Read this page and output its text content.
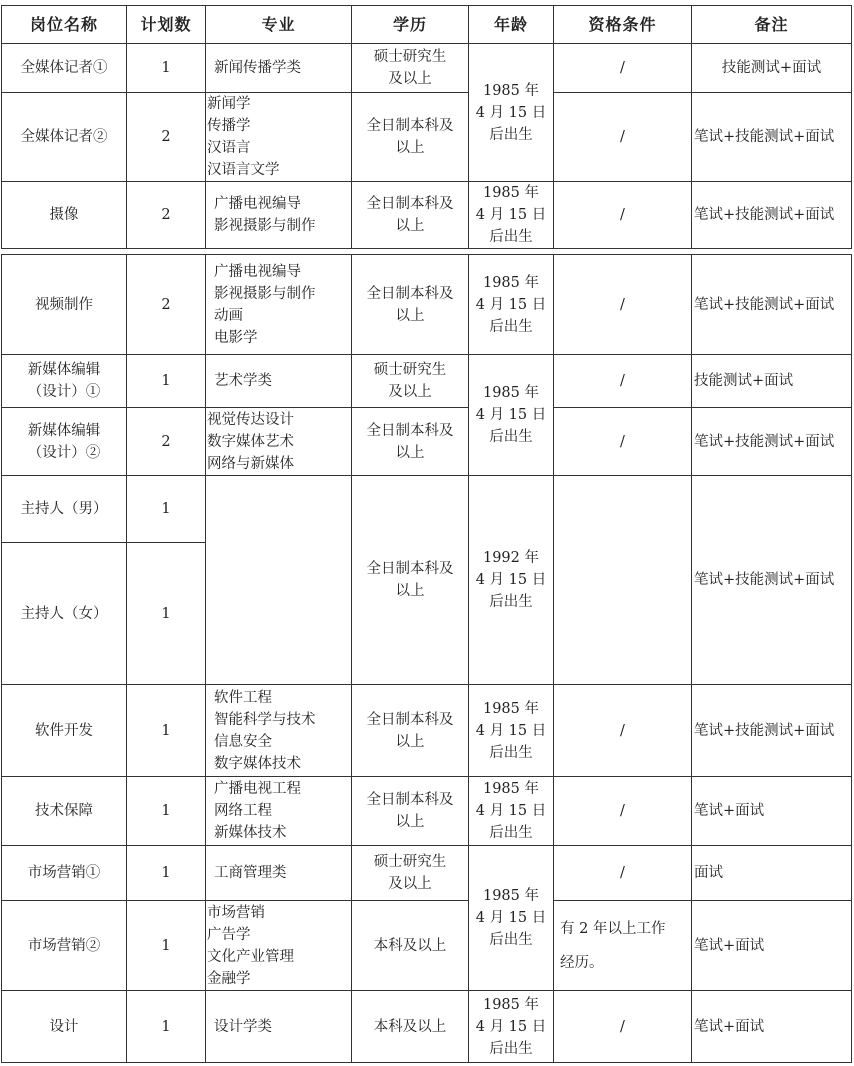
岗位名称	计划数	专业	学历	年龄	资格条件	备注
全媒体记者①	1	新闻传播学类	硕士研究生
及以上	1985 年
4 月 15 日
后出生	/	技能测试+面试
全媒体记者②	2	新闻学
传播学
汉语言
汉语言文学	全日制本科及
以上		/	笔试+技能测试+面试
摄像	2	广播电视编导
影视摄影与制作	全日制本科及
以上	1985 年
4 月 15 日
后出生	/	笔试+技能测试+面试
视频制作	2	广播电视编导
影视摄影与制作
动画
电影学	全日制本科及
以上	1985 年
4 月 15 日
后出生	/	笔试+技能测试+面试

新媒体编辑
（设计）①	1	艺术学类	硕士研究生
及以上	1985 年
4 月 15 日
后出生	/	技能测试+面试

新媒体编辑
（设计）②	2	视觉传达设计
数字媒体艺术
网络与新媒体	全日制本科及
以上		/	笔试+技能测试+面试
主持人（男）	1		全日制本科及
以上	1992 年
4 月 15 日
后出生		笔试+技能测试+面试
主持人（女）	1					
软件开发	1	软件工程
智能科学与技术
信息安全
数字媒体技术	全日制本科及
以上	1985 年
4 月 15 日
后出生	/	笔试+技能测试+面试
技术保障	1	广播电视工程
网络工程
新媒体技术	全日制本科及
以上	1985 年
4 月 15 日
后出生	/	笔试+面试
市场营销①	1	工商管理类	硕士研究生
及以上	1985 年
4 月 15 日
后出生	/	面试
市场营销②	1	市场营销
广告学
文化产业管理
金融学	本科及以上		有 2 年以上工作
经历。	笔试+面试
设计	1	设计学类	本科及以上	1985 年
4 月 15 日
后出生	/	笔试+面试
